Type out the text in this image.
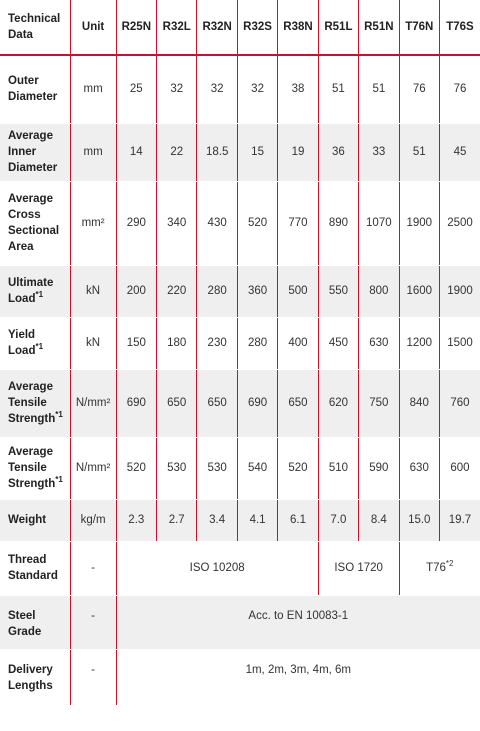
Technical Data	Unit	R25N	R32L	R32N	R32S	R38N	R51L	R51N	T76N	T76S
Outer Diameter	mm	25	32	32	32	38	51	51	76	76
Average Inner Diameter	mm	14	22	18.5	15	19	36	33	51	45
Average Cross Sectional Area	mm²	290	340	430	520	770	890	1070	1900	2500
Ultimate Load$^{*1}$	kN	200	220	280	360	500	550	800	1600	1900
Yield Load$^{*1}$	kN	150	180	230	280	400	450	630	1200	1500
Average Tensile Strength$^{*1}$	N/mm²	690	650	650	690	650	620	750	840	760
Average Tensile Strength$^{*1}$	N/mm²	520	530	530	540	520	510	590	630	600
Weight	kg/m	2.3	2.7	3.4	4.1	6.1	7.0	8.4	15.0	19.7
Thread Standard	-	ISO 10208					ISO 1720		T76$^{*2}$
Steel Grade	-	Acc. to EN 10083-1								
Delivery Lengths	-	1m, 2m, 3m, 4m, 6m								
